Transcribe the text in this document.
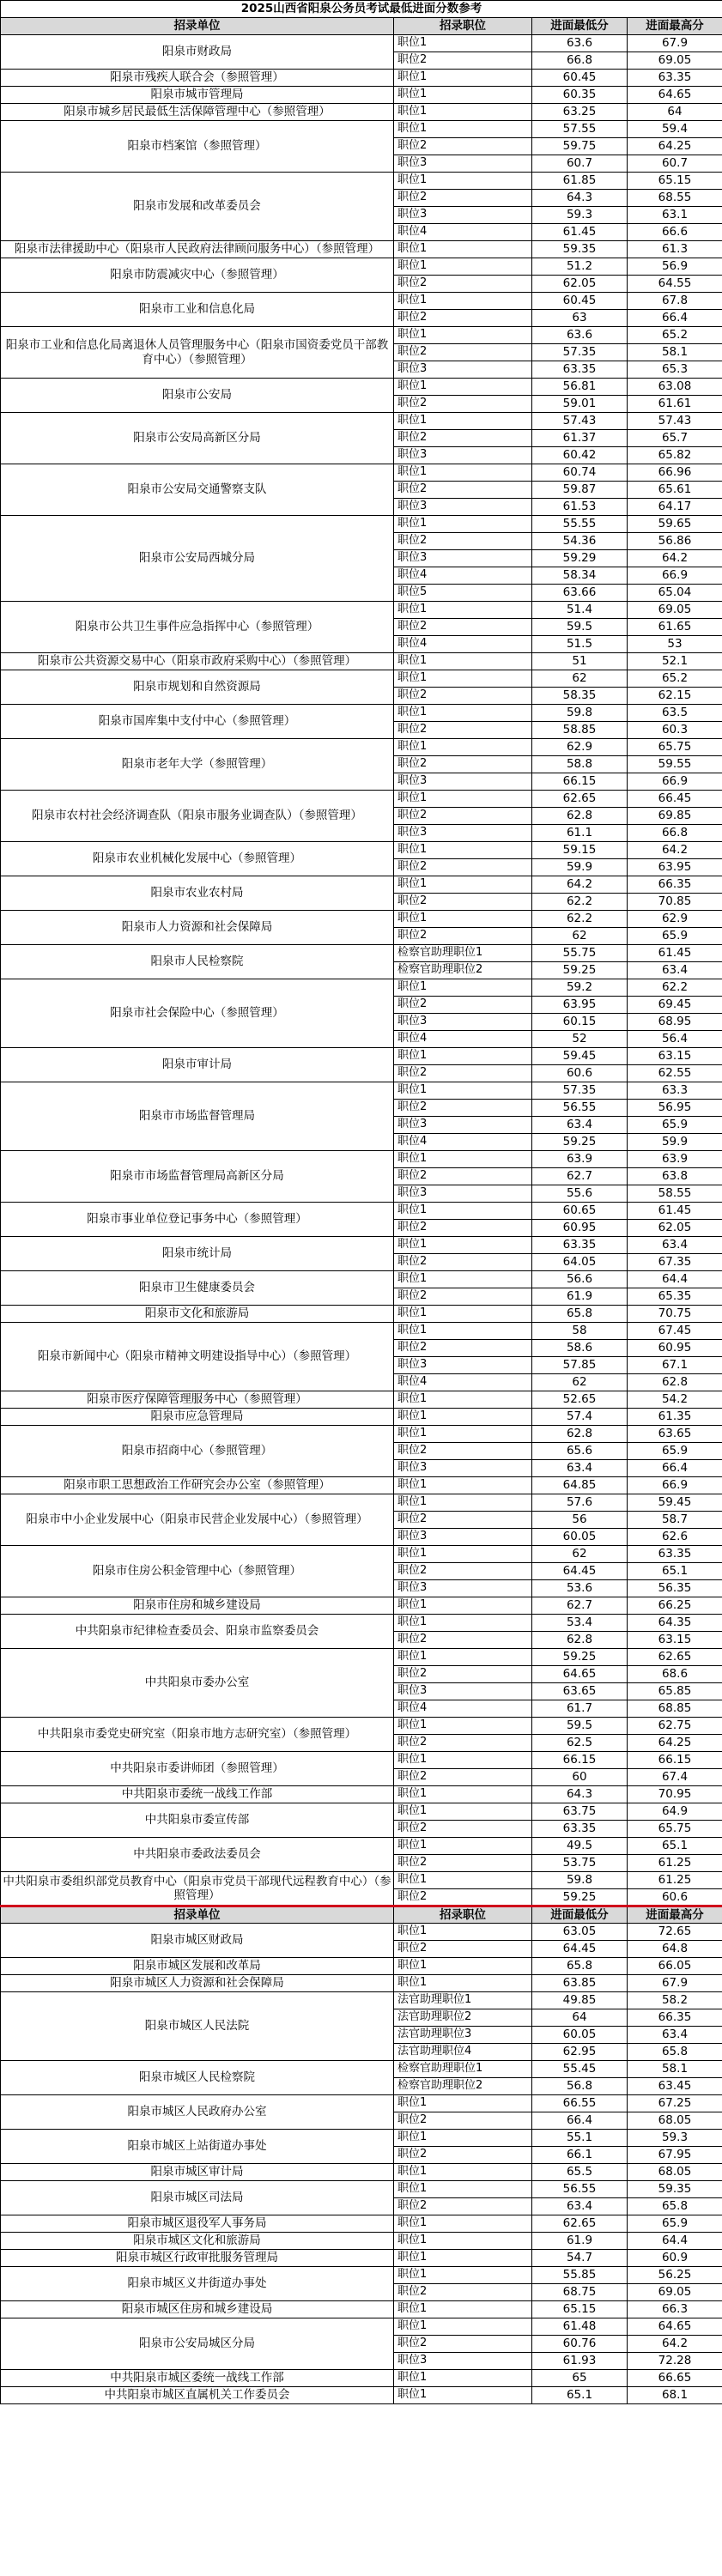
2025山西省阳泉公务员考试最低进面分数参考			
招录单位	招录职位	进面最低分	进面最高分
阳泉市财政局	职位1	63.6	67.9
	职位2	66.8	69.05
阳泉市残疾人联合会（参照管理）	职位1	60.45	63.35
阳泉市城市管理局	职位1	60.35	64.65
阳泉市城乡居民最低生活保障管理中心（参照管理）	职位1	63.25	64
阳泉市档案馆（参照管理）	职位1	57.55	59.4
	职位2	59.75	64.25
	职位3	60.7	60.7
阳泉市发展和改革委员会	职位1	61.85	65.15
	职位2	64.3	68.55
	职位3	59.3	63.1
	职位4	61.45	66.6
阳泉市法律援助中心（阳泉市人民政府法律顾问服务中心）（参照管理）	职位1	59.35	61.3
阳泉市防震减灾中心（参照管理）	职位1	51.2	56.9
	职位2	62.05	64.55
阳泉市工业和信息化局	职位1	60.45	67.8
	职位2	63	66.4
阳泉市工业和信息化局离退休人员管理服务中心（阳泉市国资委党员干部教育中心）（参照管理）	职位1	63.6	65.2
	职位2	57.35	58.1
	职位3	63.35	65.3
阳泉市公安局	职位1	56.81	63.08
	职位2	59.01	61.61
阳泉市公安局高新区分局	职位1	57.43	57.43
	职位2	61.37	65.7
	职位3	60.42	65.82
阳泉市公安局交通警察支队	职位1	60.74	66.96
	职位2	59.87	65.61
	职位3	61.53	64.17
阳泉市公安局西城分局	职位1	55.55	59.65
	职位2	54.36	56.86
	职位3	59.29	64.2
	职位4	58.34	66.9
	职位5	63.66	65.04
阳泉市公共卫生事件应急指挥中心（参照管理）	职位1	51.4	69.05
	职位2	59.5	61.65
	职位4	51.5	53
阳泉市公共资源交易中心（阳泉市政府采购中心）（参照管理）	职位1	51	52.1
阳泉市规划和自然资源局	职位1	62	65.2
	职位2	58.35	62.15
阳泉市国库集中支付中心（参照管理）	职位1	59.8	63.5
	职位2	58.85	60.3
阳泉市老年大学（参照管理）	职位1	62.9	65.75
	职位2	58.8	59.55
	职位3	66.15	66.9
阳泉市农村社会经济调查队（阳泉市服务业调查队）（参照管理）	职位1	62.65	66.45
	职位2	62.8	69.85
	职位3	61.1	66.8
阳泉市农业机械化发展中心（参照管理）	职位1	59.15	64.2
	职位2	59.9	63.95
阳泉市农业农村局	职位1	64.2	66.35
	职位2	62.2	70.85
阳泉市人力资源和社会保障局	职位1	62.2	62.9
	职位2	62	65.9
阳泉市人民检察院	检察官助理职位1	55.75	61.45
	检察官助理职位2	59.25	63.4
阳泉市社会保险中心（参照管理）	职位1	59.2	62.2
	职位2	63.95	69.45
	职位3	60.15	68.95
	职位4	52	56.4
阳泉市审计局	职位1	59.45	63.15
	职位2	60.6	62.55
阳泉市市场监督管理局	职位1	57.35	63.3
	职位2	56.55	56.95
	职位3	63.4	65.9
	职位4	59.25	59.9
阳泉市市场监督管理局高新区分局	职位1	63.9	63.9
	职位2	62.7	63.8
	职位3	55.6	58.55
阳泉市事业单位登记事务中心（参照管理）	职位1	60.65	61.45
	职位2	60.95	62.05
阳泉市统计局	职位1	63.35	63.4
	职位2	64.05	67.35
阳泉市卫生健康委员会	职位1	56.6	64.4
	职位2	61.9	65.35
阳泉市文化和旅游局	职位1	65.8	70.75
阳泉市新闻中心（阳泉市精神文明建设指导中心）（参照管理）	职位1	58	67.45
	职位2	58.6	60.95
	职位3	57.85	67.1
	职位4	62	62.8
阳泉市医疗保障管理服务中心（参照管理）	职位1	52.65	54.2
阳泉市应急管理局	职位1	57.4	61.35
阳泉市招商中心（参照管理）	职位1	62.8	63.65
	职位2	65.6	65.9
	职位3	63.4	66.4
阳泉市职工思想政治工作研究会办公室（参照管理）	职位1	64.85	66.9
阳泉市中小企业发展中心（阳泉市民营企业发展中心）（参照管理）	职位1	57.6	59.45
	职位2	56	58.7
	职位3	60.05	62.6
阳泉市住房公积金管理中心（参照管理）	职位1	62	63.35
	职位2	64.45	65.1
	职位3	53.6	56.35
阳泉市住房和城乡建设局	职位1	62.7	66.25
中共阳泉市纪律检查委员会、阳泉市监察委员会	职位1	53.4	64.35
	职位2	62.8	63.15
中共阳泉市委办公室	职位1	59.25	62.65
	职位2	64.65	68.6
	职位3	63.65	65.85
	职位4	61.7	68.85
中共阳泉市委党史研究室（阳泉市地方志研究室）（参照管理）	职位1	59.5	62.75
	职位2	62.5	64.25
中共阳泉市委讲师团（参照管理）	职位1	66.15	66.15
	职位2	60	67.4
中共阳泉市委统一战线工作部	职位1	64.3	70.95
中共阳泉市委宣传部	职位1	63.75	64.9
	职位2	63.35	65.75
中共阳泉市委政法委员会	职位1	49.5	65.1
	职位2	53.75	61.25
中共阳泉市委组织部党员教育中心（阳泉市党员干部现代远程教育中心）（参照管理）	职位1	59.8	61.25
	职位2	59.25	60.6
招录单位	招录职位	进面最低分	进面最高分
阳泉市城区财政局	职位1	63.05	72.65
	职位2	64.45	64.8
阳泉市城区发展和改革局	职位1	65.8	66.05
阳泉市城区人力资源和社会保障局	职位1	63.85	67.9
阳泉市城区人民法院	法官助理职位1	49.85	58.2
	法官助理职位2	64	66.35
	法官助理职位3	60.05	63.4
	法官助理职位4	62.95	65.8
阳泉市城区人民检察院	检察官助理职位1	55.45	58.1
	检察官助理职位2	56.8	63.45
阳泉市城区人民政府办公室	职位1	66.55	67.25
	职位2	66.4	68.05
阳泉市城区上站街道办事处	职位1	55.1	59.3
	职位2	66.1	67.95
阳泉市城区审计局	职位1	65.5	68.05
阳泉市城区司法局	职位1	56.55	59.35
	职位2	63.4	65.8
阳泉市城区退役军人事务局	职位1	62.65	65.9
阳泉市城区文化和旅游局	职位1	61.9	64.4
阳泉市城区行政审批服务管理局	职位1	54.7	60.9
阳泉市城区义井街道办事处	职位1	55.85	56.25
	职位2	68.75	69.05
阳泉市城区住房和城乡建设局	职位1	65.15	66.3
阳泉市公安局城区分局	职位1	61.48	64.65
	职位2	60.76	64.2
	职位3	61.93	72.28
中共阳泉市城区委统一战线工作部	职位1	65	66.65
中共阳泉市城区直属机关工作委员会	职位1	65.1	68.1
